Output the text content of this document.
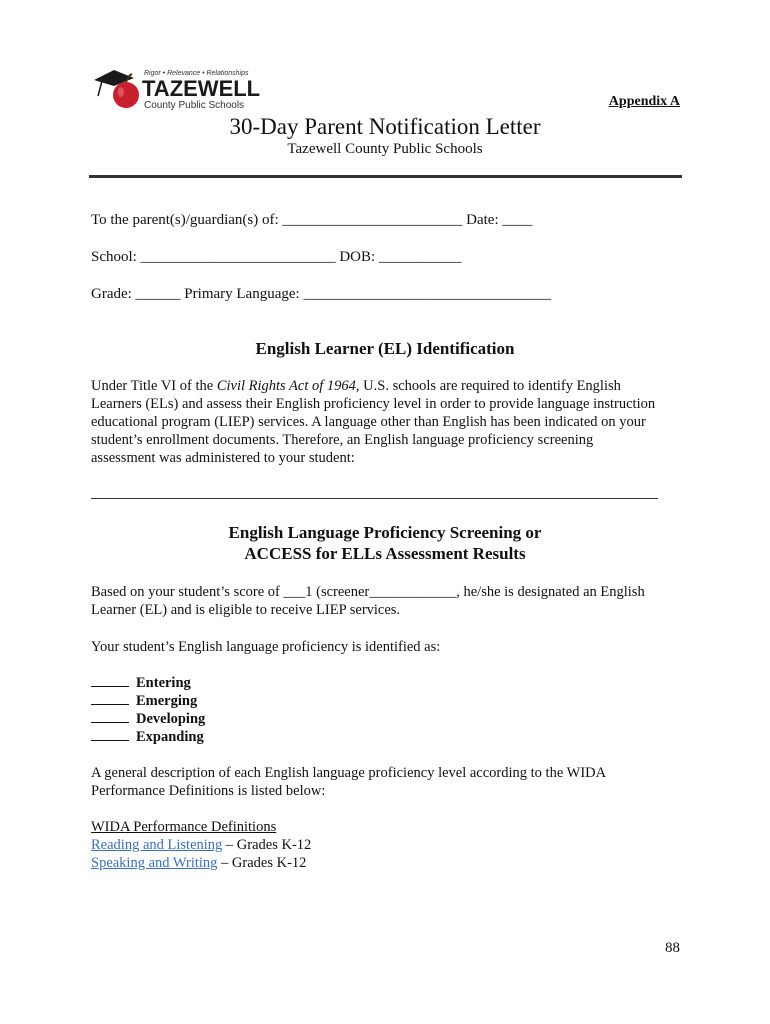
Rigor • Relevance • Relationships
TAZEWELL
County Public Schools	Appendix A
30-Day Parent Notification Letter
Tazewell County Public Schools
To the parent(s)/guardian(s) of: ________________________ Date: ____
School: __________________________ DOB: ___________
Grade: ______ Primary Language: _________________________________
English Learner (EL) Identification
Under Title VI of the Civil Rights Act of 1964, U.S. schools are required to identify English
Learners (ELs) and assess their English proficiency level in order to provide language instruction
educational program (LIEP) services. A language other than English has been indicated on your
student’s enrollment documents. Therefore, an English language proficiency screening
assessment was administered to your student:
English Language Proficiency Screening or
ACCESS for ELLs Assessment Results
Based on your student’s score of ___1 (screener____________, he/she is designated an English
Learner (EL) and is eligible to receive LIEP services.
Your student’s English language proficiency is identified as:
Entering
Emerging
Developing
Expanding
A general description of each English language proficiency level according to the WIDA
Performance Definitions is listed below:
WIDA Performance Definitions
Reading and Listening – Grades K-12
Speaking and Writing – Grades K-12
88
